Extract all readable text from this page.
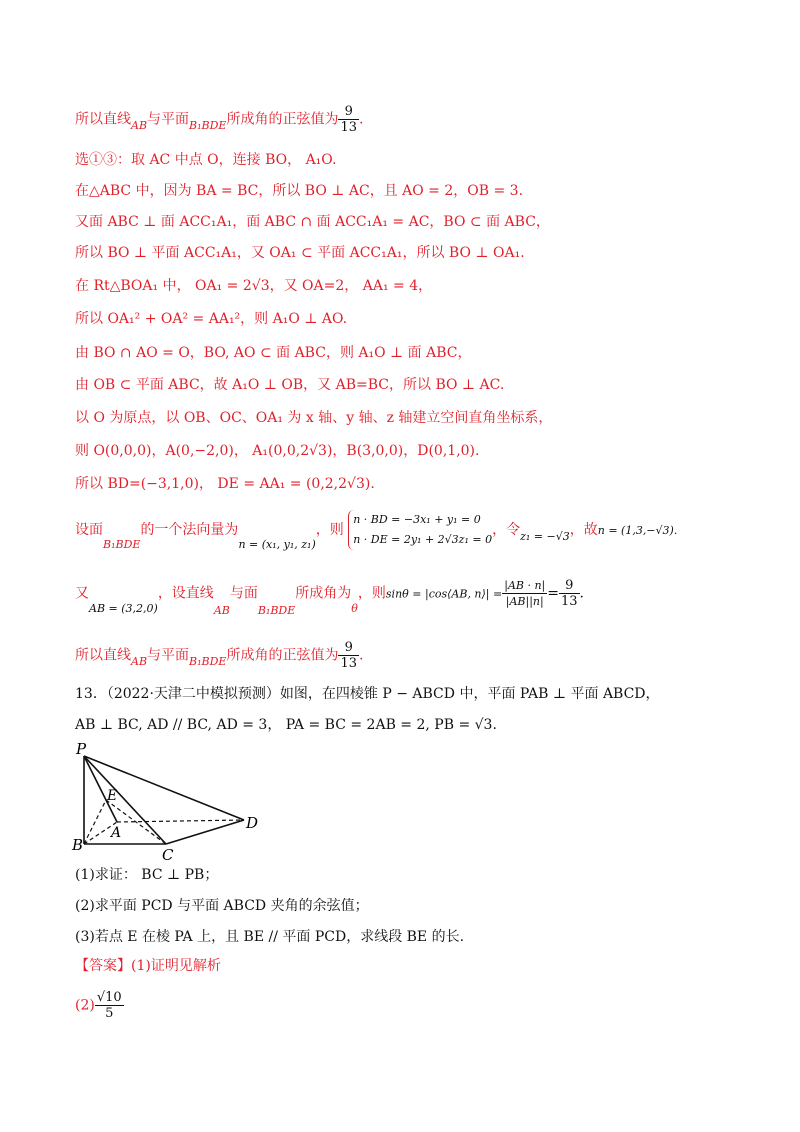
所以直线$_{AB}$与平面$_{B_1BDE}$所成角的正弦值为 $\frac{9}{13}$ .
选①③：取 AC 中点 O，连接 BO， A₁O.
在△ABC 中，因为 BA = BC，所以 BO ⊥ AC，且 AO = 2，OB = 3.
又面 ABC ⊥ 面 ACC₁A₁，面 ABC ∩ 面 ACC₁A₁ = AC，BO ⊂ 面 ABC，
所以 BO ⊥ 平面 ACC₁A₁，又 OA₁ ⊂ 平面 ACC₁A₁，所以 BO ⊥ OA₁.
在 Rt△BOA₁ 中， OA₁ = 2√3，又 OA=2， AA₁ = 4，
所以 OA₁² + OA² = AA₁²，则 A₁O ⊥ AO.
由 BO ∩ AO = O，BO, AO ⊂ 面 ABC，则 A₁O ⊥ 面 ABC，
由 OB ⊂ 平面 ABC，故 A₁O ⊥ OB，又 AB=BC，所以 BO ⊥ AC.
以 O 为原点，以 OB、OC、OA₁ 为 x 轴、y 轴、z 轴建立空间直角坐标系，
则 O(0,0,0)，A(0,−2,0)， A₁(0,0,2√3)，B(3,0,0)，D(0,1,0).
所以 BD=(−3,1,0)， DE = AA₁ = (0,2,2√3).
设面$_{B_1BDE}$的一个法向量为$_{n = (x_1, y_1, z_1)}$，则
n · BD = −3x₁ + y₁ = 0
n · DE = 2y₁ + 2√3z₁ = 0
，令$_{z_1 = -√3}$，故n = (1,3,−√3).
又$_{AB = (3,2,0)}$，设直线$_{AB}$与面$_{B_1BDE}$所成角为$_\theta$，则sinθ = |cos⟨AB, n⟩| = $\frac{|AB \cdot n|}{|AB||n|} = \frac{9}{13}$ .
所以直线$_{AB}$与平面$_{B_1BDE}$所成角的正弦值为 $\frac{9}{13}$ .
13．（2022·天津二中模拟预测）如图，在四棱锥 P − ABCD 中，平面 PAB ⊥ 平面 ABCD，
AB ⊥ BC, AD // BC, AD = 3， PA = BC = 2AB = 2, PB = √3.
P
E
A
B
C
D
(1)求证： BC ⊥ PB；
(2)求平面 PCD 与平面 ABCD 夹角的余弦值；
(3)若点 E 在棱 PA 上，且 BE // 平面 PCD，求线段 BE 的长.
【答案】(1)证明见解析
$(2) \frac{√10}{5}$
